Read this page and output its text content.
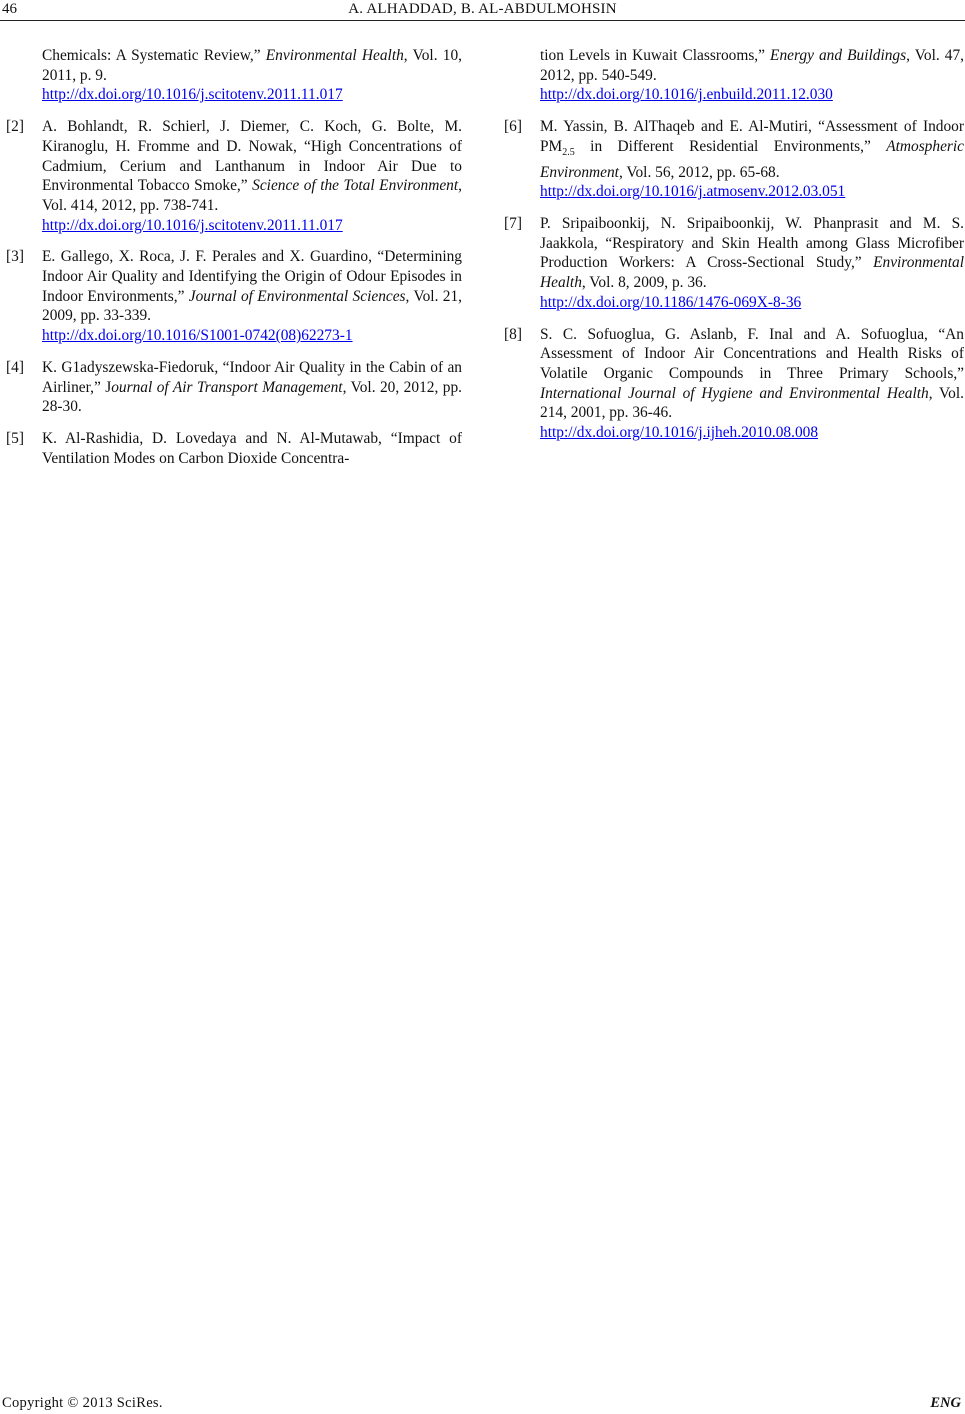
46	A. ALHADDAD, B. AL-ABDULMOHSIN
Chemicals: A Systematic Review,” Environmental Health, Vol. 10, 2011, p. 9.
http://dx.doi.org/10.1016/j.scitotenv.2011.11.017
[2] A. Bohlandt, R. Schierl, J. Diemer, C. Koch, G. Bolte, M. Kiranoglu, H. Fromme and D. Nowak, “High Concentrations of Cadmium, Cerium and Lanthanum in Indoor Air Due to Environmental Tobacco Smoke,” Science of the Total Environment, Vol. 414, 2012, pp. 738-741.
http://dx.doi.org/10.1016/j.scitotenv.2011.11.017
[3] E. Gallego, X. Roca, J. F. Perales and X. Guardino, “Determining Indoor Air Quality and Identifying the Origin of Odour Episodes in Indoor Environments,” Journal of Environmental Sciences, Vol. 21, 2009, pp. 33-339.
http://dx.doi.org/10.1016/S1001-0742(08)62273-1
[4] K. G1adyszewska-Fiedoruk, “Indoor Air Quality in the Cabin of an Airliner,” Journal of Air Transport Management, Vol. 20, 2012, pp. 28-30.
[5] K. Al-Rashidia, D. Lovedaya and N. Al-Mutawab, “Impact of Ventilation Modes on Carbon Dioxide Concentra-
tion Levels in Kuwait Classrooms,” Energy and Buildings, Vol. 47, 2012, pp. 540-549.
http://dx.doi.org/10.1016/j.enbuild.2011.12.030
[6] M. Yassin, B. AlThaqeb and E. Al-Mutiri, “Assessment of Indoor $PM_{2.5}$ in Different Residential Environments,” Atmospheric Environment, Vol. 56, 2012, pp. 65-68.
http://dx.doi.org/10.1016/j.atmosenv.2012.03.051
[7] P. Sripaiboonkij, N. Sripaiboonkij, W. Phanprasit and M. S. Jaakkola, “Respiratory and Skin Health among Glass Microfiber Production Workers: A Cross-Sectional Study,” Environmental Health, Vol. 8, 2009, p. 36.
http://dx.doi.org/10.1186/1476-069X-8-36
[8] S. C. Sofuoglua, G. Aslanb, F. Inal and A. Sofuoglua, “An Assessment of Indoor Air Concentrations and Health Risks of Volatile Organic Compounds in Three Primary Schools,” International Journal of Hygiene and Environmental Health, Vol. 214, 2001, pp. 36-46.
http://dx.doi.org/10.1016/j.ijheh.2010.08.008
Copyright © 2013 SciRes.	ENG
